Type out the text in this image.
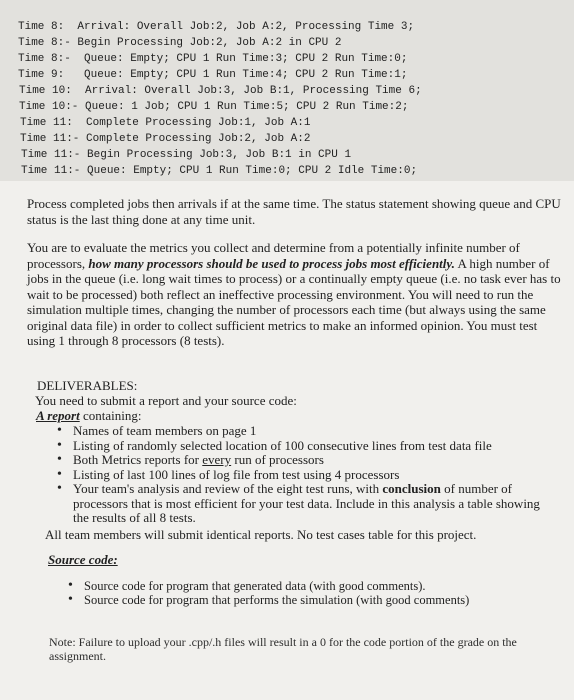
Time 8:  Arrival: Overall Job:2, Job A:2, Processing Time 3;
Time 8:- Begin Processing Job:2, Job A:2 in CPU 2
Time 8:-  Queue: Empty; CPU 1 Run Time:3; CPU 2 Run Time:0;
Time 9:   Queue: Empty; CPU 1 Run Time:4; CPU 2 Run Time:1;
Time 10:  Arrival: Overall Job:3, Job B:1, Processing Time 6;
Time 10:- Queue: 1 Job; CPU 1 Run Time:5; CPU 2 Run Time:2;
Time 11:  Complete Processing Job:1, Job A:1
Time 11:- Complete Processing Job:2, Job A:2
Time 11:- Begin Processing Job:3, Job B:1 in CPU 1
Time 11:- Queue: Empty; CPU 1 Run Time:0; CPU 2 Idle Time:0;
Process completed jobs then arrivals if at the same time. The status statement showing queue and CPU status is the last thing done at any time unit.
You are to evaluate the metrics you collect and determine from a potentially infinite number of processors, how many processors should be used to process jobs most efficiently. A high number of jobs in the queue (i.e. long wait times to process) or a continually empty queue (i.e. no task ever has to wait to be processed) both reflect an ineffective processing environment. You will need to run the simulation multiple times, changing the number of processors each time (but always using the same original data file) in order to collect sufficient metrics to make an informed opinion. You must test using 1 through 8 processors (8 tests).
DELIVERABLES:
You need to submit a report and your source code:
A report containing:
• Names of team members on page 1
• Listing of randomly selected location of 100 consecutive lines from test data file
• Both Metrics reports for every run of processors
• Listing of last 100 lines of log file from test using 4 processors
• Your team's analysis and review of the eight test runs, with conclusion of number of processors that is most efficient for your test data. Include in this analysis a table showing the results of all 8 tests.
All team members will submit identical reports. No test cases table for this project.
Source code:
• Source code for program that generated data (with good comments).
• Source code for program that performs the simulation (with good comments)
Note: Failure to upload your .cpp/.h files will result in a 0 for the code portion of the grade on the assignment.
